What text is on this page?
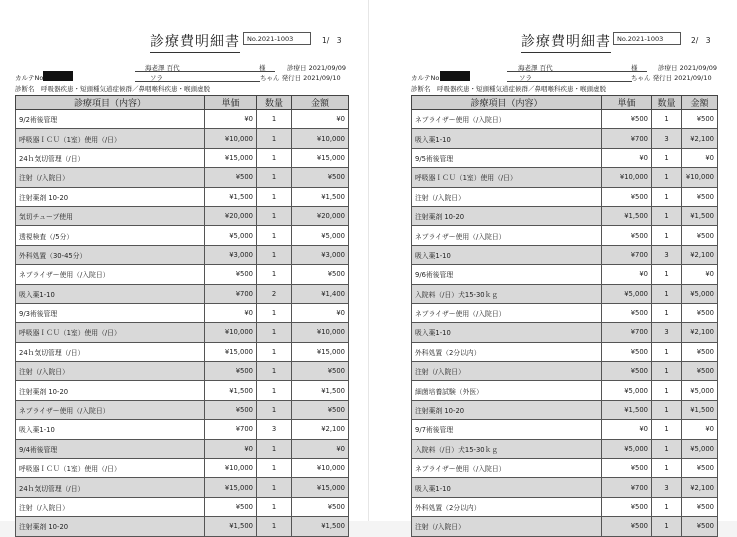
診療費明細書	No.2021-1003	1/　3
海老澤 百代	様	診療日 2021/09/09
カルテNo	ソラ	ちゃん 発行日 2021/09/10
診断名　呼吸器疾患・短頭種気道症候群／鼻咽喉科疾患・喉頭虚脱
診療項目（内容）	単価	数量	金額
9/2術後管理	¥0	1	¥0
呼吸器ＩＣＵ（1室）使用（/日）	¥10,000	1	¥10,000
24ｈ気切管理（/日）	¥15,000	1	¥15,000
注射（/入院日）	¥500	1	¥500
注射薬剤 10-20	¥1,500	1	¥1,500
気切チューブ使用	¥20,000	1	¥20,000
透視検査（/5分）	¥5,000	1	¥5,000
外科処置（30-45分）	¥3,000	1	¥3,000
ネブライザー使用（/入院日）	¥500	1	¥500
吸入薬1-10	¥700	2	¥1,400
9/3術後管理	¥0	1	¥0
呼吸器ＩＣＵ（1室）使用（/日）	¥10,000	1	¥10,000
24ｈ気切管理（/日）	¥15,000	1	¥15,000
注射（/入院日）	¥500	1	¥500
注射薬剤 10-20	¥1,500	1	¥1,500
ネブライザー使用（/入院日）	¥500	1	¥500
吸入薬1-10	¥700	3	¥2,100
9/4術後管理	¥0	1	¥0
呼吸器ＩＣＵ（1室）使用（/日）	¥10,000	1	¥10,000
24ｈ気切管理（/日）	¥15,000	1	¥15,000
注射（/入院日）	¥500	1	¥500
注射薬剤 10-20	¥1,500	1	¥1,500
診療費明細書 No.2021-1003	2/　3
海老澤 百代	様	診療日 2021/09/09
カルテNo	ソラ	ちゃん 発行日 2021/09/10
診断名　呼吸器疾患・短頭種気道症候群／鼻咽喉科疾患・喉頭虚脱
診療項目（内容）	単価	数量	金額
ネブライザー使用（/入院日）	¥500	1	¥500
吸入薬1-10	¥700	3	¥2,100
9/5術後管理	¥0	1	¥0
呼吸器ＩＣＵ（1室）使用（/日）	¥10,000	1	¥10,000
注射（/入院日）	¥500	1	¥500
注射薬剤 10-20	¥1,500	1	¥1,500
ネブライザー使用（/入院日）	¥500	1	¥500
吸入薬1-10	¥700	3	¥2,100
9/6術後管理	¥0	1	¥0
入院料（/日）犬15-30ｋｇ	¥5,000	1	¥5,000
ネブライザー使用（/入院日）	¥500	1	¥500
吸入薬1-10	¥700	3	¥2,100
外科処置（2分以内）	¥500	1	¥500
注射（/入院日）	¥500	1	¥500
細菌培養試験（外医）	¥5,000	1	¥5,000
注射薬剤 10-20	¥1,500	1	¥1,500
9/7術後管理	¥0	1	¥0
入院料（/日）犬15-30ｋｇ	¥5,000	1	¥5,000
ネブライザー使用（/入院日）	¥500	1	¥500
吸入薬1-10	¥700	3	¥2,100
外科処置（2分以内）	¥500	1	¥500
注射（/入院日）	¥500	1	¥500
